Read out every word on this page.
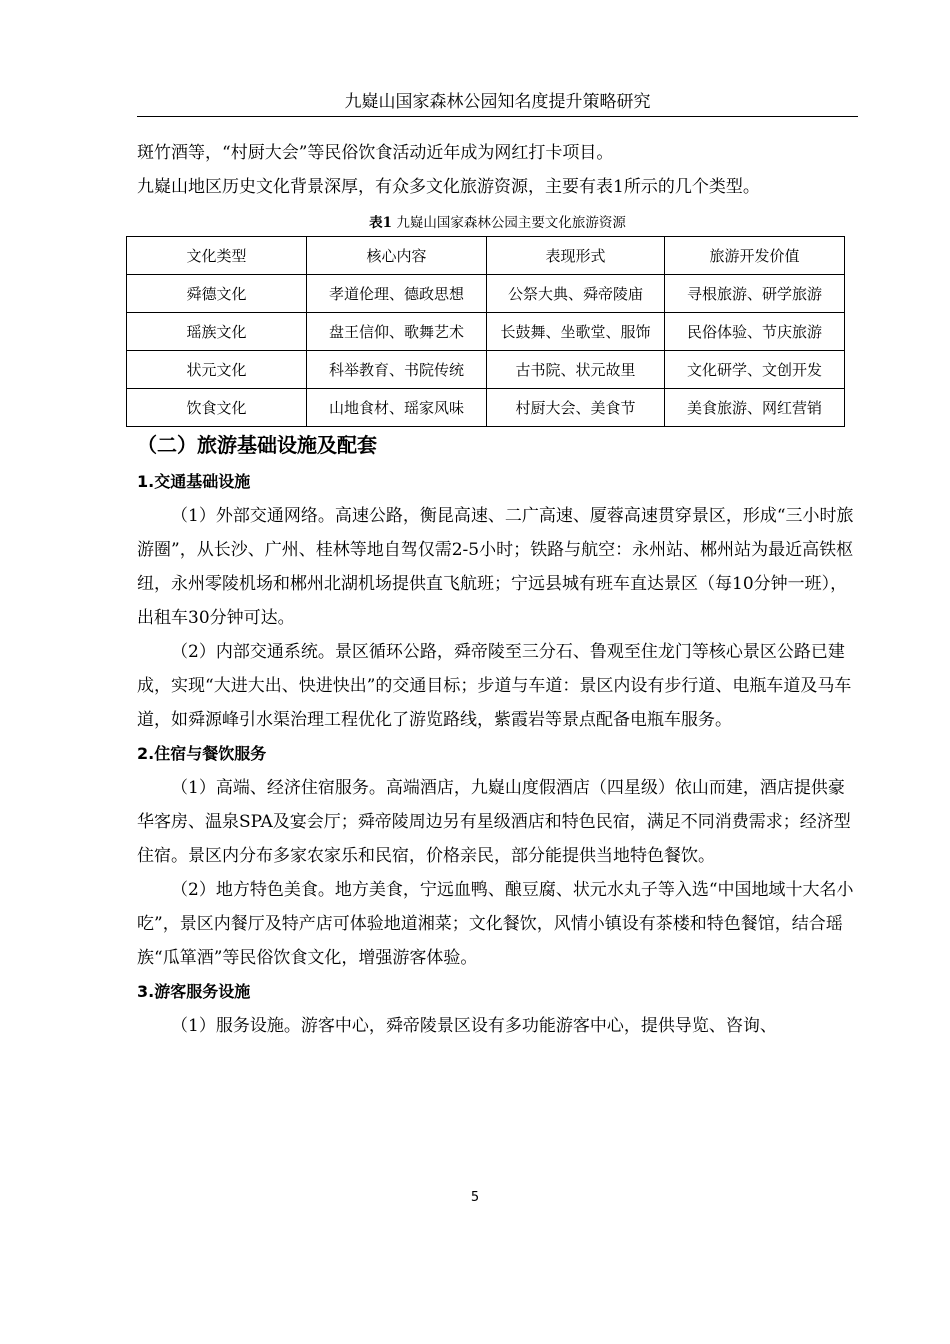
九嶷山国家森林公园知名度提升策略研究

斑竹酒等，“村厨大会”等民俗饮食活动近年成为网红打卡项目。

九嶷山地区历史文化背景深厚，有众多文化旅游资源，主要有表1所示的几个类型。

表1 九嶷山国家森林公园主要文化旅游资源
文化类型	核心内容	表现形式	旅游开发价值
舜德文化	孝道伦理、德政思想	公祭大典、舜帝陵庙	寻根旅游、研学旅游
瑶族文化	盘王信仰、歌舞艺术	长鼓舞、坐歌堂、服饰	民俗体验、节庆旅游
状元文化	科举教育、书院传统	古书院、状元故里	文化研学、文创开发
饮食文化	山地食材、瑶家风味	村厨大会、美食节	美食旅游、网红营销
（二）旅游基础设施及配套

1.交通基础设施

（1）外部交通网络。高速公路，衡昆高速、二广高速、厦蓉高速贯穿景区，形成“三小时旅游圈”，从长沙、广州、桂林等地自驾仅需2-5小时；铁路与航空：永州站、郴州站为最近高铁枢纽，永州零陵机场和郴州北湖机场提供直飞航班；宁远县城有班车直达景区（每10分钟一班），出租车30分钟可达。

（2）内部交通系统。景区循环公路，舜帝陵至三分石、鲁观至住龙门等核心景区公路已建成，实现“大进大出、快进快出”的交通目标；步道与车道：景区内设有步行道、电瓶车道及马车道，如舜源峰引水渠治理工程优化了游览路线，紫霞岩等景点配备电瓶车服务。

2.住宿与餐饮服务

（1）高端、经济住宿服务。高端酒店，九嶷山度假酒店（四星级）依山而建，酒店提供豪华客房、温泉SPA及宴会厅；舜帝陵周边另有星级酒店和特色民宿，满足不同消费需求；经济型住宿。景区内分布多家农家乐和民宿，价格亲民，部分能提供当地特色餐饮。

（2）地方特色美食。地方美食，宁远血鸭、酿豆腐、状元水丸子等入选“中国地域十大名小吃”，景区内餐厅及特产店可体验地道湘菜；文化餐饮，风情小镇设有茶楼和特色餐馆，结合瑶族“瓜箪酒”等民俗饮食文化，增强游客体验。

3.游客服务设施

（1）服务设施。游客中心，舜帝陵景区设有多功能游客中心，提供导览、咨询、

5
